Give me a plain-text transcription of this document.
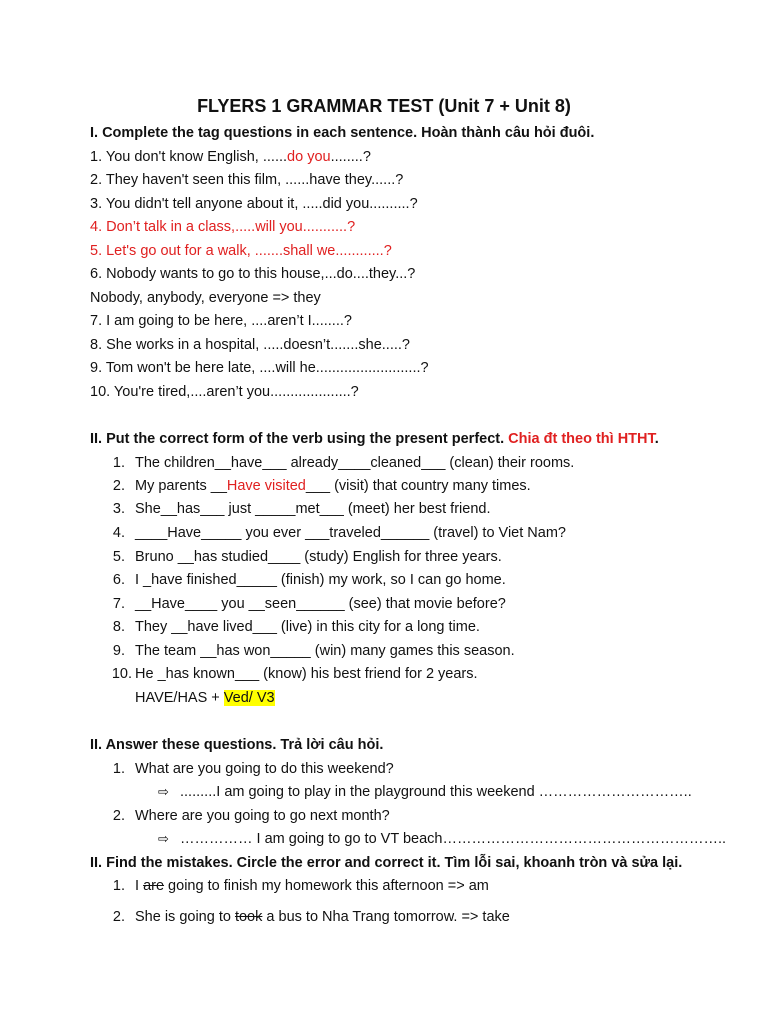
FLYERS 1 GRAMMAR TEST (Unit 7 + Unit 8)
I. Complete the tag questions in each sentence. Hoàn thành câu hỏi đuôi.
1. You don't know English, ......do you........?
2. They haven't seen this film, ......have they......?
3. You didn't tell anyone about it, .....did you..........?
4. Don’t talk in a class,.....will you...........?
5. Let's go out for a walk, .......shall we............?
6. Nobody wants to go to this house,...do....they...?
Nobody, anybody, everyone => they
7. I am going to be here, ....aren’t I........?
8. She works in a hospital, .....doesn’t.......she.....?
9. Tom won't be here late, ....will he..........................?
10. You're tired,....aren’t you....................?
II. Put the correct form of the verb using the present perfect. Chia đt theo thì HTHT.
1. The children__have___ already____cleaned___ (clean) their rooms.
2. My parents __Have visited___ (visit) that country many times.
3. She__has___ just _____met___ (meet) her best friend.
4. ____Have_____ you ever ___traveled______ (travel) to Viet Nam?
5. Bruno __has studied____ (study) English for three years.
6. I _have finished_____ (finish) my work, so I can go home.
7. __Have____ you __seen______ (see) that movie before?
8. They __have lived___ (live) in this city for a long time.
9. The team __has won_____ (win) many games this season.
10. He _has known___ (know) his best friend for 2 years.
HAVE/HAS + Ved/ V3
II. Answer these questions. Trả lời câu hỏi.
1. What are you going to do this weekend?
⇨ .........I am going to play in the playground this weekend …………………………..
2. Where are you going to go next month?
⇨ …………… I am going to go to VT beach…………………………………………………..
II. Find the mistakes. Circle the error and correct it. Tìm lỗi sai, khoanh tròn và sửa lại.
1. I are going to finish my homework this afternoon => am
2. She is going to took a bus to Nha Trang tomorrow. => take
